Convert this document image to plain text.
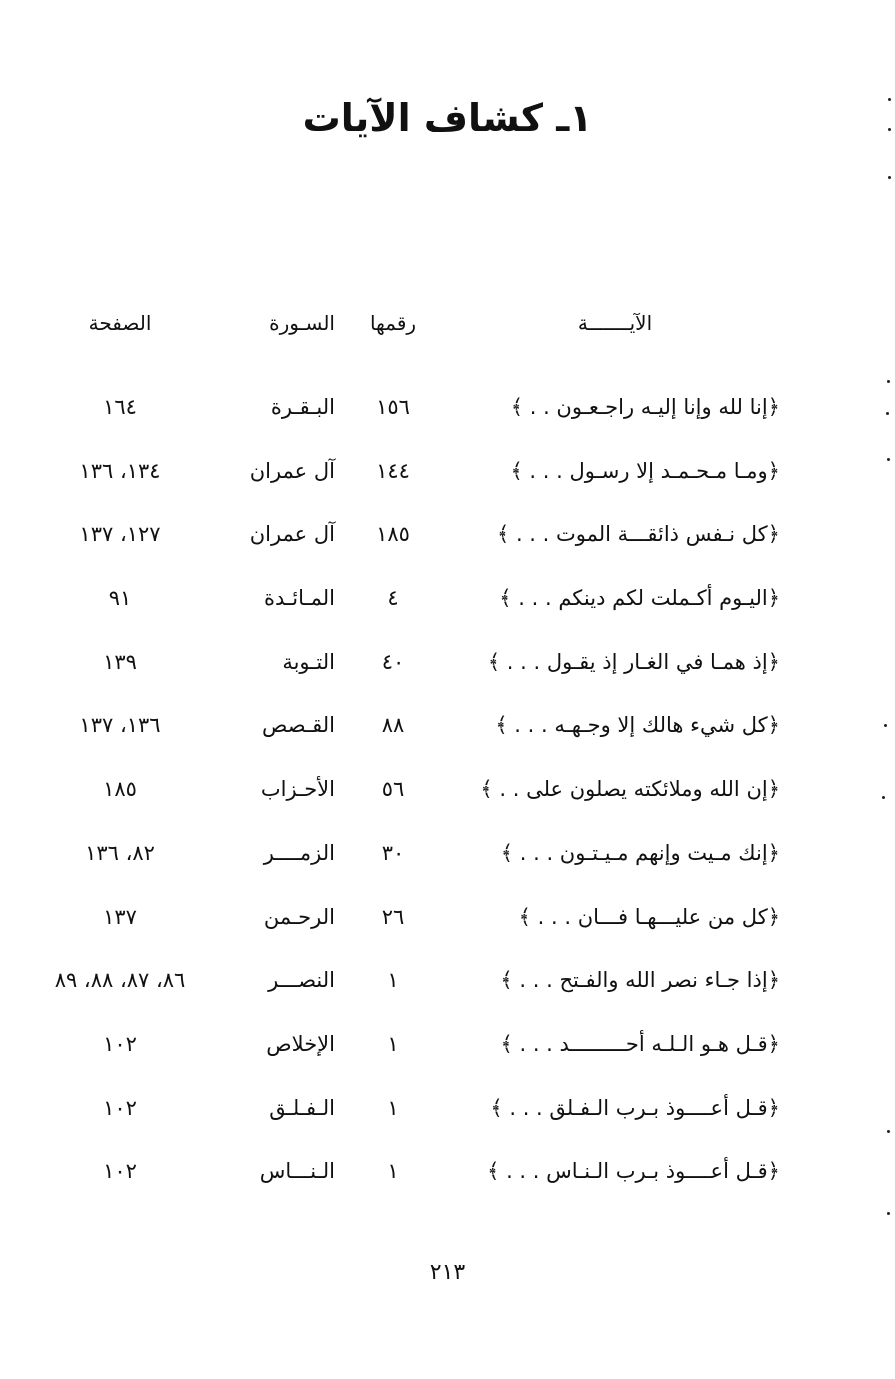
١ـ كشاف الآيات
الآيـــــــة
رقمها
السـورة
الصفحة
﴿إنا لله وإنا إليـه راجـعـون . . ﴾
١٥٦
البـقـرة
١٦٤
﴿ومـا مـحـمـد إلا رسـول . . . ﴾
١٤٤
آل عمران
١٣٤، ١٣٦
﴿كل نـفس ذائقـــة الموت . . . ﴾
١٨٥
آل عمران
١٢٧، ١٣٧
﴿اليـوم أكـملت لكم دينكم . . . ﴾
٤
المـائـدة
٩١
﴿إذ همـا في الغـار إذ يقـول . . . ﴾
٤٠
التـوبة
١٣٩
﴿كل شيء هالك إلا وجـهـه . . . ﴾
٨٨
القـصص
١٣٦، ١٣٧
﴿إن الله وملائكته يصلون على . . ﴾
٥٦
الأحـزاب
١٨٥
﴿إنك مـيت وإنهم مـيـتـون . . . ﴾
٣٠
الزمــــر
٨٢، ١٣٦
﴿كل من عليـــهـا فـــان . . . ﴾
٢٦
الرحـمن
١٣٧
﴿إذا جـاء نصر الله والفـتح . . . ﴾
١
النصـــر
٨٦، ٨٧، ٨٨، ٨٩
﴿قـل هـو الـلـه أحـــــــــد . . . ﴾
١
الإخلاص
١٠٢
﴿قـل أعــــوذ بـرب الـفـلق . . . ﴾
١
الـفـلـق
١٠٢
﴿قـل أعــــوذ بـرب الـنـاس . . . ﴾
١
الـنـــاس
١٠٢
٢١٣
